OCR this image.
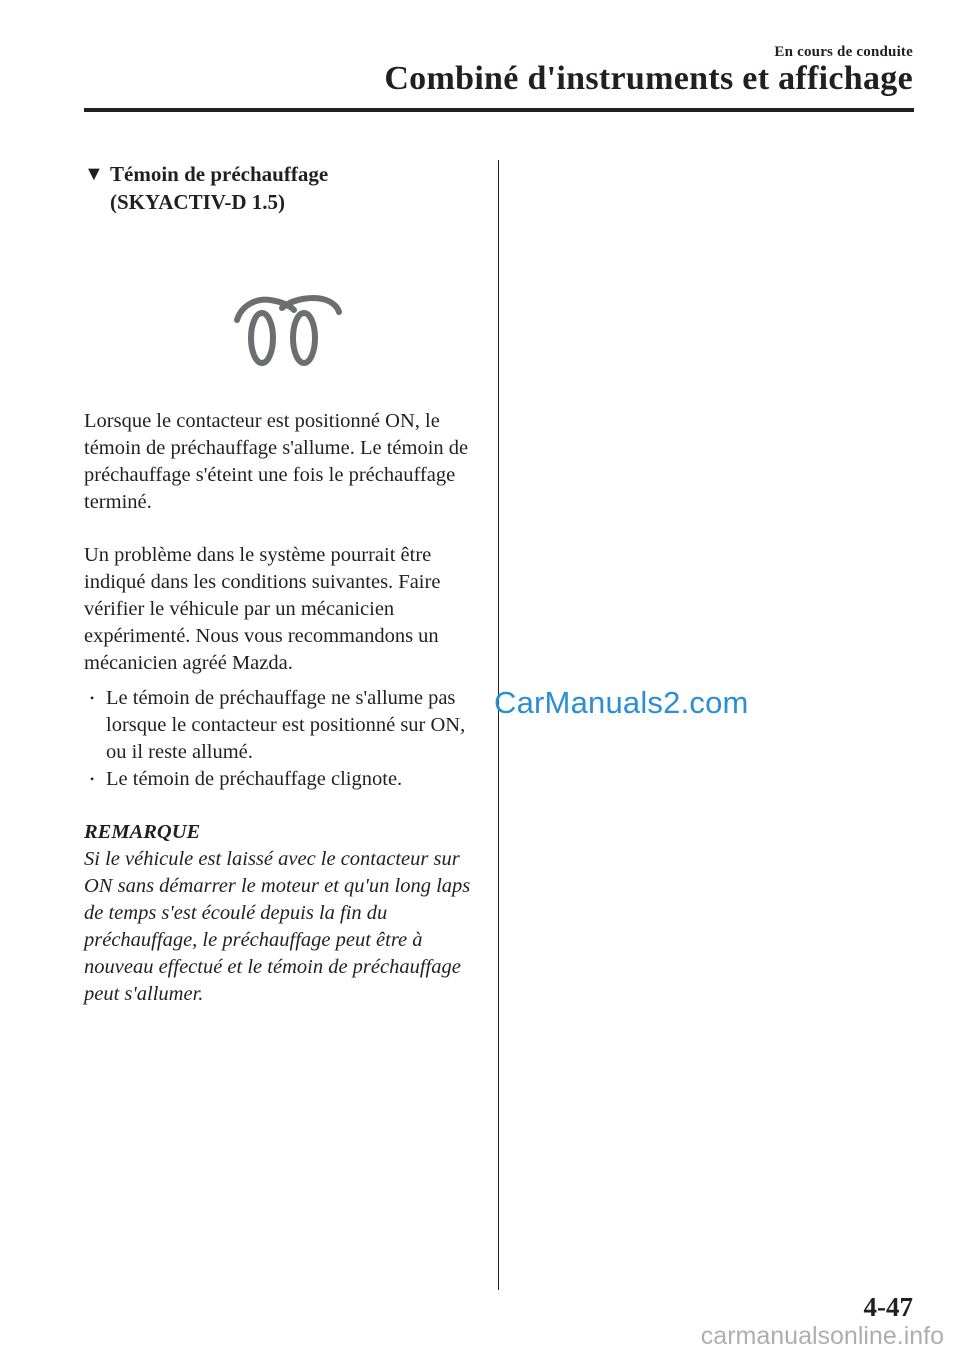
En cours de conduite
Combiné d'instruments et affichage
▼ Témoin de préchauffage
(SKYACTIV-D 1.5)

Lorsque le contacteur est positionné ON, le témoin de préchauffage s'allume. Le témoin de préchauffage s'éteint une fois le préchauffage terminé.

Un problème dans le système pourrait être indiqué dans les conditions suivantes. Faire vérifier le véhicule par un mécanicien expérimenté. Nous vous recommandons un mécanicien agréé Mazda.

• Le témoin de préchauffage ne s'allume pas lorsque le contacteur est positionné sur ON, ou il reste allumé.
• Le témoin de préchauffage clignote.
REMARQUE

Si le véhicule est laissé avec le contacteur sur ON sans démarrer le moteur et qu'un long laps de temps s'est écoulé depuis la fin du préchauffage, le préchauffage peut être à nouveau effectué et le témoin de préchauffage peut s'allumer.

CarManuals2.com
4-47
carmanualsonline.info
